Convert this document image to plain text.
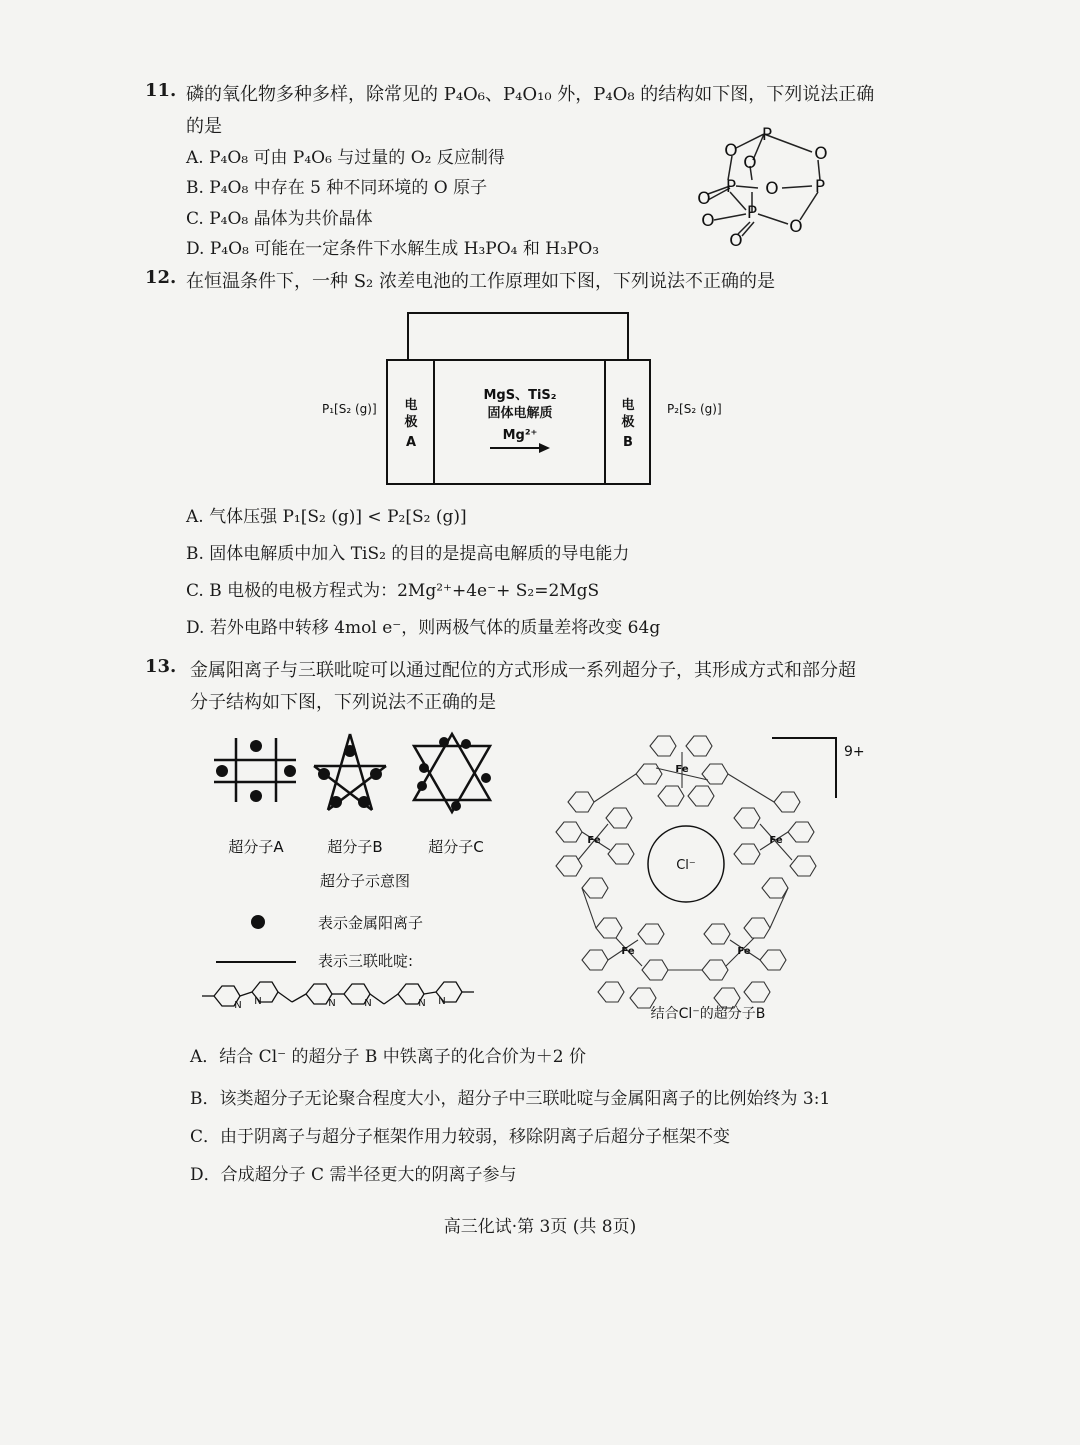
11. 磷的氧化物多种多样，除常见的 P₄O₆、P₄O₁₀ 外，P₄O₈ 的结构如下图，下列说法正确
的是
A. P₄O₈ 可由 P₄O₆ 与过量的 O₂ 反应制得
B. P₄O₈ 中存在 5 种不同环境的 O 原子
C. P₄O₈ 晶体为共价晶体
D. P₄O₈ 可能在一定条件下水解生成 H₃PO₄ 和 H₃PO₃
P
O	O
O
P
O	O P
P
O	O
O
12. 在恒温条件下，一种 S₂ 浓差电池的工作原理如下图，下列说法不正确的是
P₁[S₂ (g)]	P₂[S₂ (g)]
电
极
A
电
极
B
MgS、TiS₂
固体电解质
Mg²⁺
A. 气体压强 P₁[S₂ (g)] < P₂[S₂ (g)]
B. 固体电解质中加入 TiS₂ 的目的是提高电解质的导电能力
C. B 电极的电极方程式为：2Mg²⁺+4e⁻+ S₂=2MgS
D. 若外电路中转移 4mol e⁻，则两极气体的质量差将改变 64g
13. 金属阳离子与三联吡啶可以通过配位的方式形成一系列超分子，其形成方式和部分超
分子结构如下图，下列说法不正确的是
超分子A	超分子B	超分子C
超分子示意图
表示金属阳离子
表示三联吡啶:
N N	N	N	N N
9+
Cl⁻
Fe
Fe	Fe
Fe	Fe
结合Cl⁻的超分子B
A．结合 Cl⁻ 的超分子 B 中铁离子的化合价为＋2 价
B．该类超分子无论聚合程度大小，超分子中三联吡啶与金属阳离子的比例始终为 3:1
C．由于阴离子与超分子框架作用力较弱，移除阴离子后超分子框架不变
D．合成超分子 C 需半径更大的阴离子参与
高三化试·第 3页 (共 8页)
